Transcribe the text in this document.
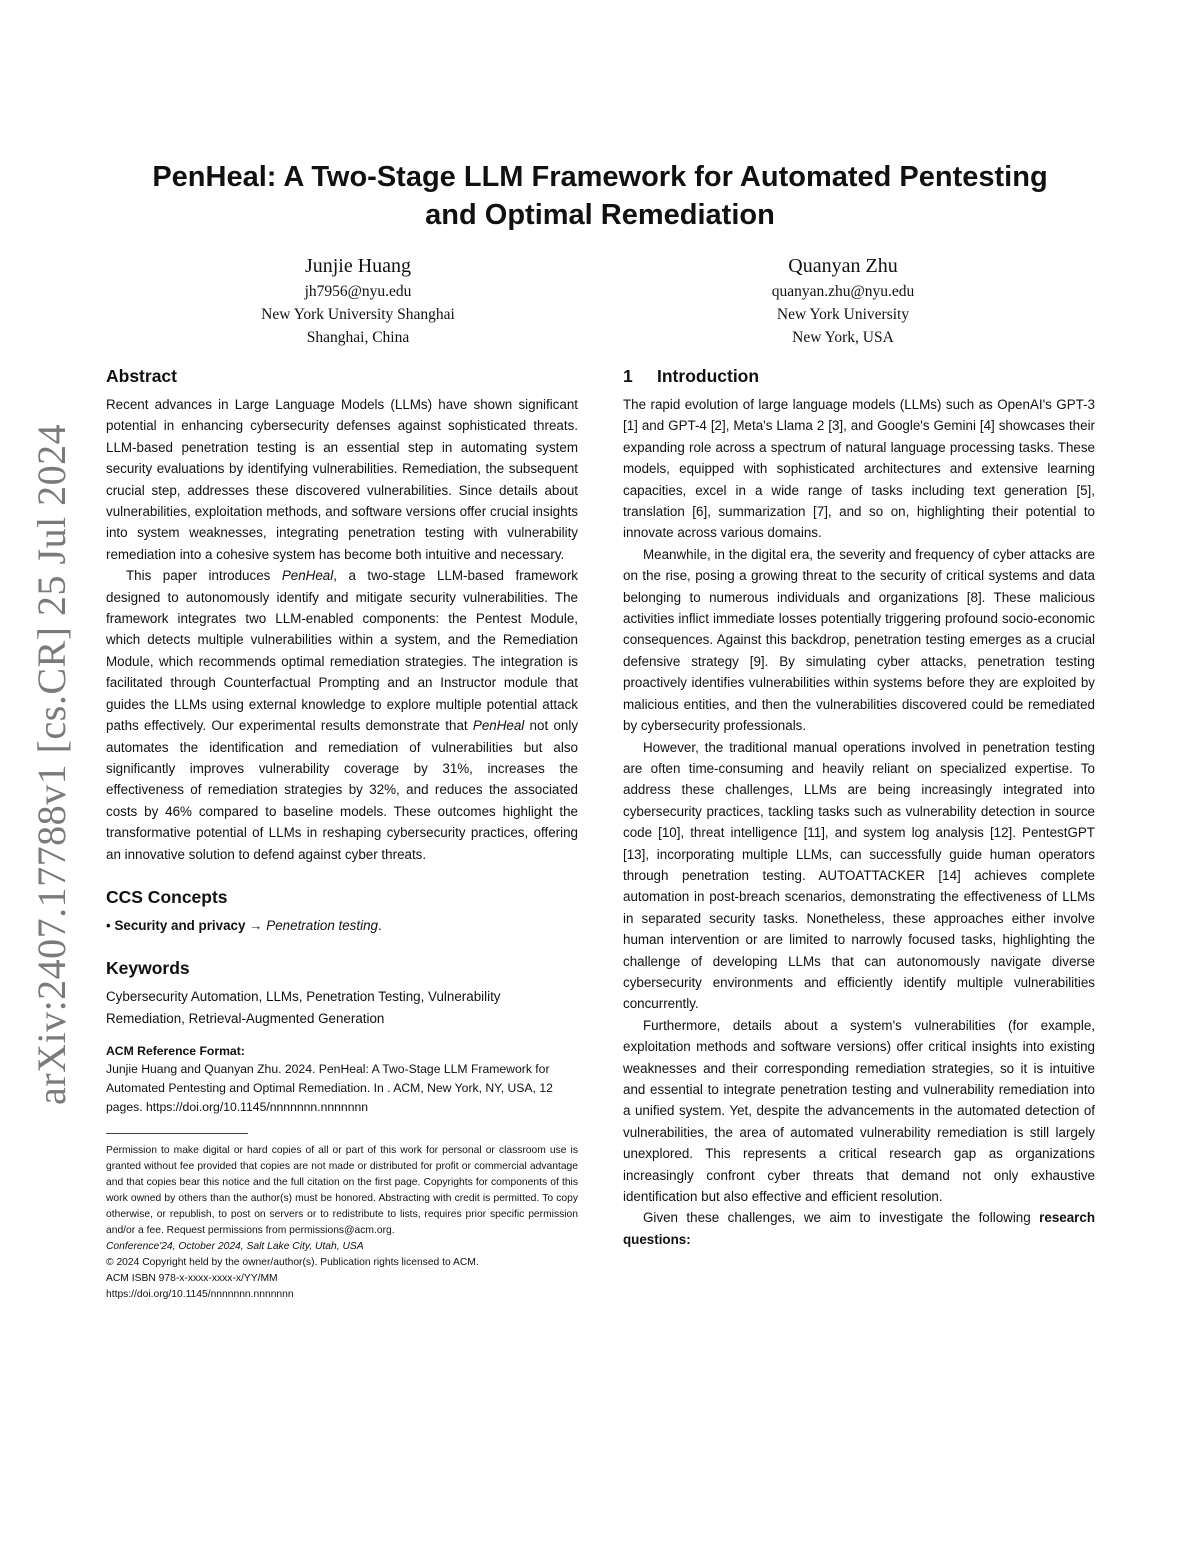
arXiv:2407.17788v1 [cs.CR] 25 Jul 2024
PenHeal: A Two-Stage LLM Framework for Automated Pentesting
and Optimal Remediation
Junjie Huang
jh7956@nyu.edu
New York University Shanghai
Shanghai, China
Quanyan Zhu
quanyan.zhu@nyu.edu
New York University
New York, USA
Abstract

Recent advances in Large Language Models (LLMs) have shown significant potential in enhancing cybersecurity defenses against sophisticated threats. LLM-based penetration testing is an essential step in automating system security evaluations by identifying vulnerabilities. Remediation, the subsequent crucial step, addresses these discovered vulnerabilities. Since details about vulnerabilities, exploitation methods, and software versions offer crucial insights into system weaknesses, integrating penetration testing with vulnerability remediation into a cohesive system has become both intuitive and necessary.

This paper introduces PenHeal, a two-stage LLM-based framework designed to autonomously identify and mitigate security vulnerabilities. The framework integrates two LLM-enabled components: the Pentest Module, which detects multiple vulnerabilities within a system, and the Remediation Module, which recommends optimal remediation strategies. The integration is facilitated through Counterfactual Prompting and an Instructor module that guides the LLMs using external knowledge to explore multiple potential attack paths effectively. Our experimental results demonstrate that PenHeal not only automates the identification and remediation of vulnerabilities but also significantly improves vulnerability coverage by 31%, increases the effectiveness of remediation strategies by 32%, and reduces the associated costs by 46% compared to baseline models. These outcomes highlight the transformative potential of LLMs in reshaping cybersecurity practices, offering an innovative solution to defend against cyber threats.

CCS Concepts

• Security and privacy → Penetration testing.

Keywords

Cybersecurity Automation, LLMs, Penetration Testing, Vulnerability Remediation, Retrieval-Augmented Generation

ACM Reference Format:
Junjie Huang and Quanyan Zhu. 2024. PenHeal: A Two-Stage LLM Framework for Automated Pentesting and Optimal Remediation. In . ACM, New York, NY, USA, 12 pages. https://doi.org/10.1145/nnnnnnn.nnnnnnn
Permission to make digital or hard copies of all or part of this work for personal or classroom use is granted without fee provided that copies are not made or distributed for profit or commercial advantage and that copies bear this notice and the full citation on the first page. Copyrights for components of this work owned by others than the author(s) must be honored. Abstracting with credit is permitted. To copy otherwise, or republish, to post on servers or to redistribute to lists, requires prior specific permission and/or a fee. Request permissions from permissions@acm.org.
Conference'24, October 2024, Salt Lake City, Utah, USA
© 2024 Copyright held by the owner/author(s). Publication rights licensed to ACM.
ACM ISBN 978-x-xxxx-xxxx-x/YY/MM
https://doi.org/10.1145/nnnnnnn.nnnnnnn
1 Introduction

The rapid evolution of large language models (LLMs) such as OpenAI's GPT-3 [1] and GPT-4 [2], Meta's Llama 2 [3], and Google's Gemini [4] showcases their expanding role across a spectrum of natural language processing tasks. These models, equipped with sophisticated architectures and extensive learning capacities, excel in a wide range of tasks including text generation [5], translation [6], summarization [7], and so on, highlighting their potential to innovate across various domains.

Meanwhile, in the digital era, the severity and frequency of cyber attacks are on the rise, posing a growing threat to the security of critical systems and data belonging to numerous individuals and organizations [8]. These malicious activities inflict immediate losses potentially triggering profound socio-economic consequences. Against this backdrop, penetration testing emerges as a crucial defensive strategy [9]. By simulating cyber attacks, penetration testing proactively identifies vulnerabilities within systems before they are exploited by malicious entities, and then the vulnerabilities discovered could be remediated by cybersecurity professionals.

However, the traditional manual operations involved in penetration testing are often time-consuming and heavily reliant on specialized expertise. To address these challenges, LLMs are being increasingly integrated into cybersecurity practices, tackling tasks such as vulnerability detection in source code [10], threat intelligence [11], and system log analysis [12]. PentestGPT [13], incorporating multiple LLMs, can successfully guide human operators through penetration testing. AUTOATTACKER [14] achieves complete automation in post-breach scenarios, demonstrating the effectiveness of LLMs in separated security tasks. Nonetheless, these approaches either involve human intervention or are limited to narrowly focused tasks, highlighting the challenge of developing LLMs that can autonomously navigate diverse cybersecurity environments and efficiently identify multiple vulnerabilities concurrently.

Furthermore, details about a system's vulnerabilities (for example, exploitation methods and software versions) offer critical insights into existing weaknesses and their corresponding remediation strategies, so it is intuitive and essential to integrate penetration testing and vulnerability remediation into a unified system. Yet, despite the advancements in the automated detection of vulnerabilities, the area of automated vulnerability remediation is still largely unexplored. This represents a critical research gap as organizations increasingly confront cyber threats that demand not only exhaustive identification but also effective and efficient resolution.

Given these challenges, we aim to investigate the following research questions:
